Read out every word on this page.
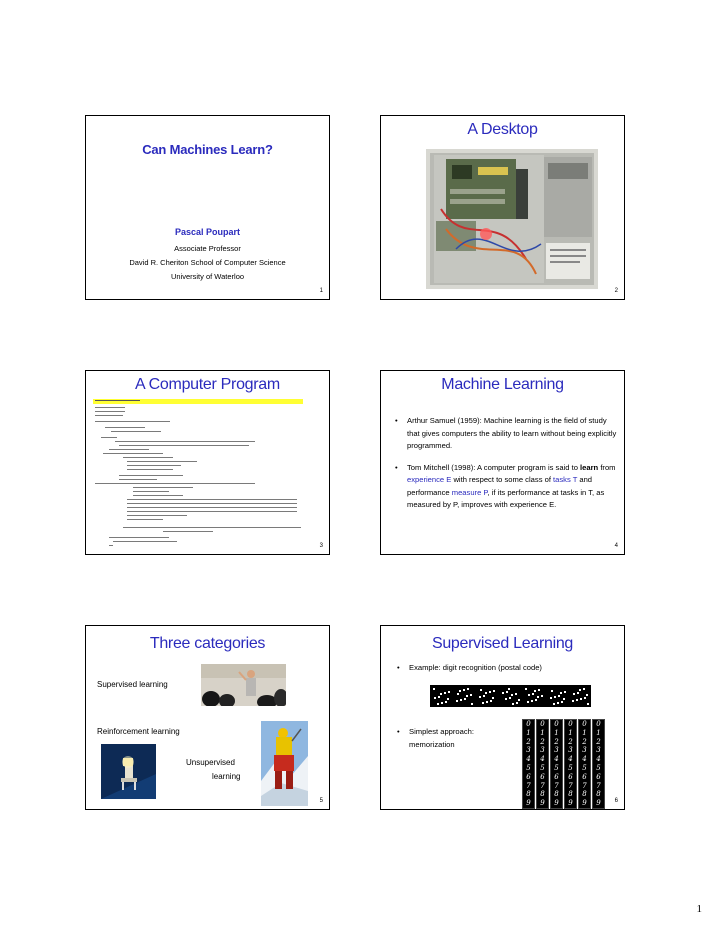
Can Machines Learn?
Pascal Poupart
Associate Professor
David R. Cheriton School of Computer Science
University of Waterloo
1
A Desktop
2
A Computer Program
3
Machine Learning
• Arthur Samuel (1959): Machine learning is the field of study that gives computers the ability to learn without being explicitly programmed.
• Tom Mitchell (1998): A computer program is said to learn from experience E with respect to some class of tasks T and performance measure P, if its performance at tasks in T, as measured by P, improves with experience E.
4
Three categories
Supervised learning
Reinforcement learning
Unsupervised
learning
5
Supervised Learning
• Example: digit recognition (postal code)
• Simplest approach:
memorization
0
1
2
3
4
5
6
7
8
9
0
1
2
3
4
5
6
7
8
9
0
1
2
3
4
5
6
7
8
9
0
1
2
3
4
5
6
7
8
9
0
1
2
3
4
5
6
7
8
9
0
1
2
3
4
5
6
7
8
9	6
1
